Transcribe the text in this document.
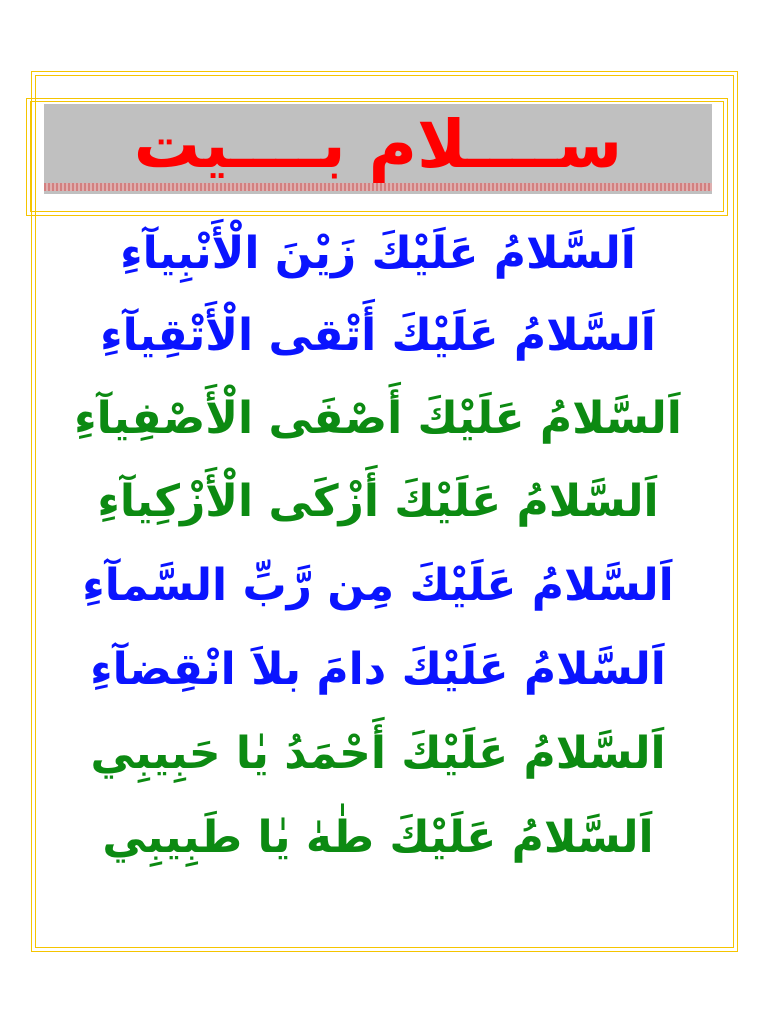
ســــلام بــــيت
اَلسَّلامُ عَلَيْكَ زَيْنَ الْأَنْبِيآءِ
اَلسَّلامُ عَلَيْكَ أَتْقى الْأَتْقِيآءِ
اَلسَّلامُ عَلَيْكَ أَصْفَى الْأَصْفِيآءِ
اَلسَّلامُ عَلَيْكَ أَزْكَى الْأَزْكِيآءِ
اَلسَّلامُ عَلَيْكَ مِن رَّبِّ السَّمآءِ
اَلسَّلامُ عَلَيْكَ دامَ بلاَ انْقِضآءِ
اَلسَّلامُ عَلَيْكَ أَحْمَدُ يٰا حَبِيبِي
اَلسَّلامُ عَلَيْكَ طٰهٰ يٰا طَبِيبِي
